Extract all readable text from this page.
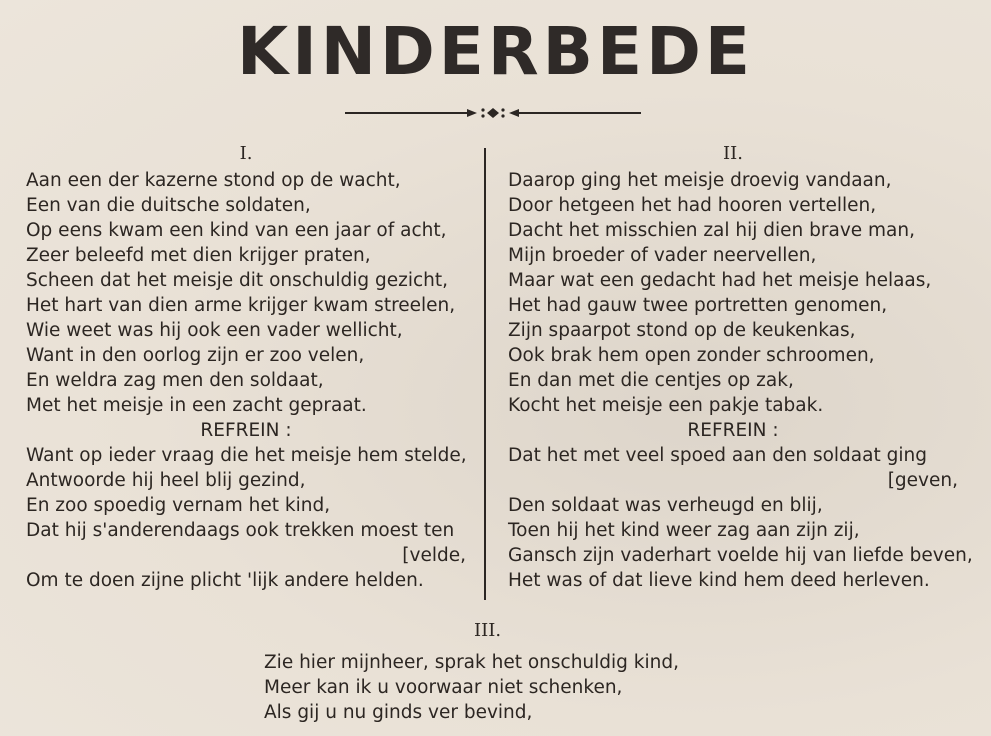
KINDERBEDE
I.
Aan een der kazerne stond op de wacht,
Een van die duitsche soldaten,
Op eens kwam een kind van een jaar of acht,
Zeer beleefd met dien krijger praten,
Scheen dat het meisje dit onschuldig gezicht,
Het hart van dien arme krijger kwam streelen,
Wie weet was hij ook een vader wellicht,
Want in den oorlog zijn er zoo velen,
En weldra zag men den soldaat,
Met het meisje in een zacht gepraat.
REFREIN :
Want op ieder vraag die het meisje hem stelde,
Antwoorde hij heel blij gezind,
En zoo spoedig vernam het kind,
Dat hij s'anderendaags ook trekken moest ten
[velde,
Om te doen zijne plicht 'lijk andere helden.
II.
Daarop ging het meisje droevig vandaan,
Door hetgeen het had hooren vertellen,
Dacht het misschien zal hij dien brave man,
Mijn broeder of vader neervellen,
Maar wat een gedacht had het meisje helaas,
Het had gauw twee portretten genomen,
Zijn spaarpot stond op de keukenkas,
Ook brak hem open zonder schroomen,
En dan met die centjes op zak,
Kocht het meisje een pakje tabak.
REFREIN :
Dat het met veel spoed aan den soldaat ging
[geven,
Den soldaat was verheugd en blij,
Toen hij het kind weer zag aan zijn zij,
Gansch zijn vaderhart voelde hij van liefde beven,
Het was of dat lieve kind hem deed herleven.
III.
Zie hier mijnheer, sprak het onschuldig kind,
Meer kan ik u voorwaar niet schenken,
Als gij u nu ginds ver bevind,
